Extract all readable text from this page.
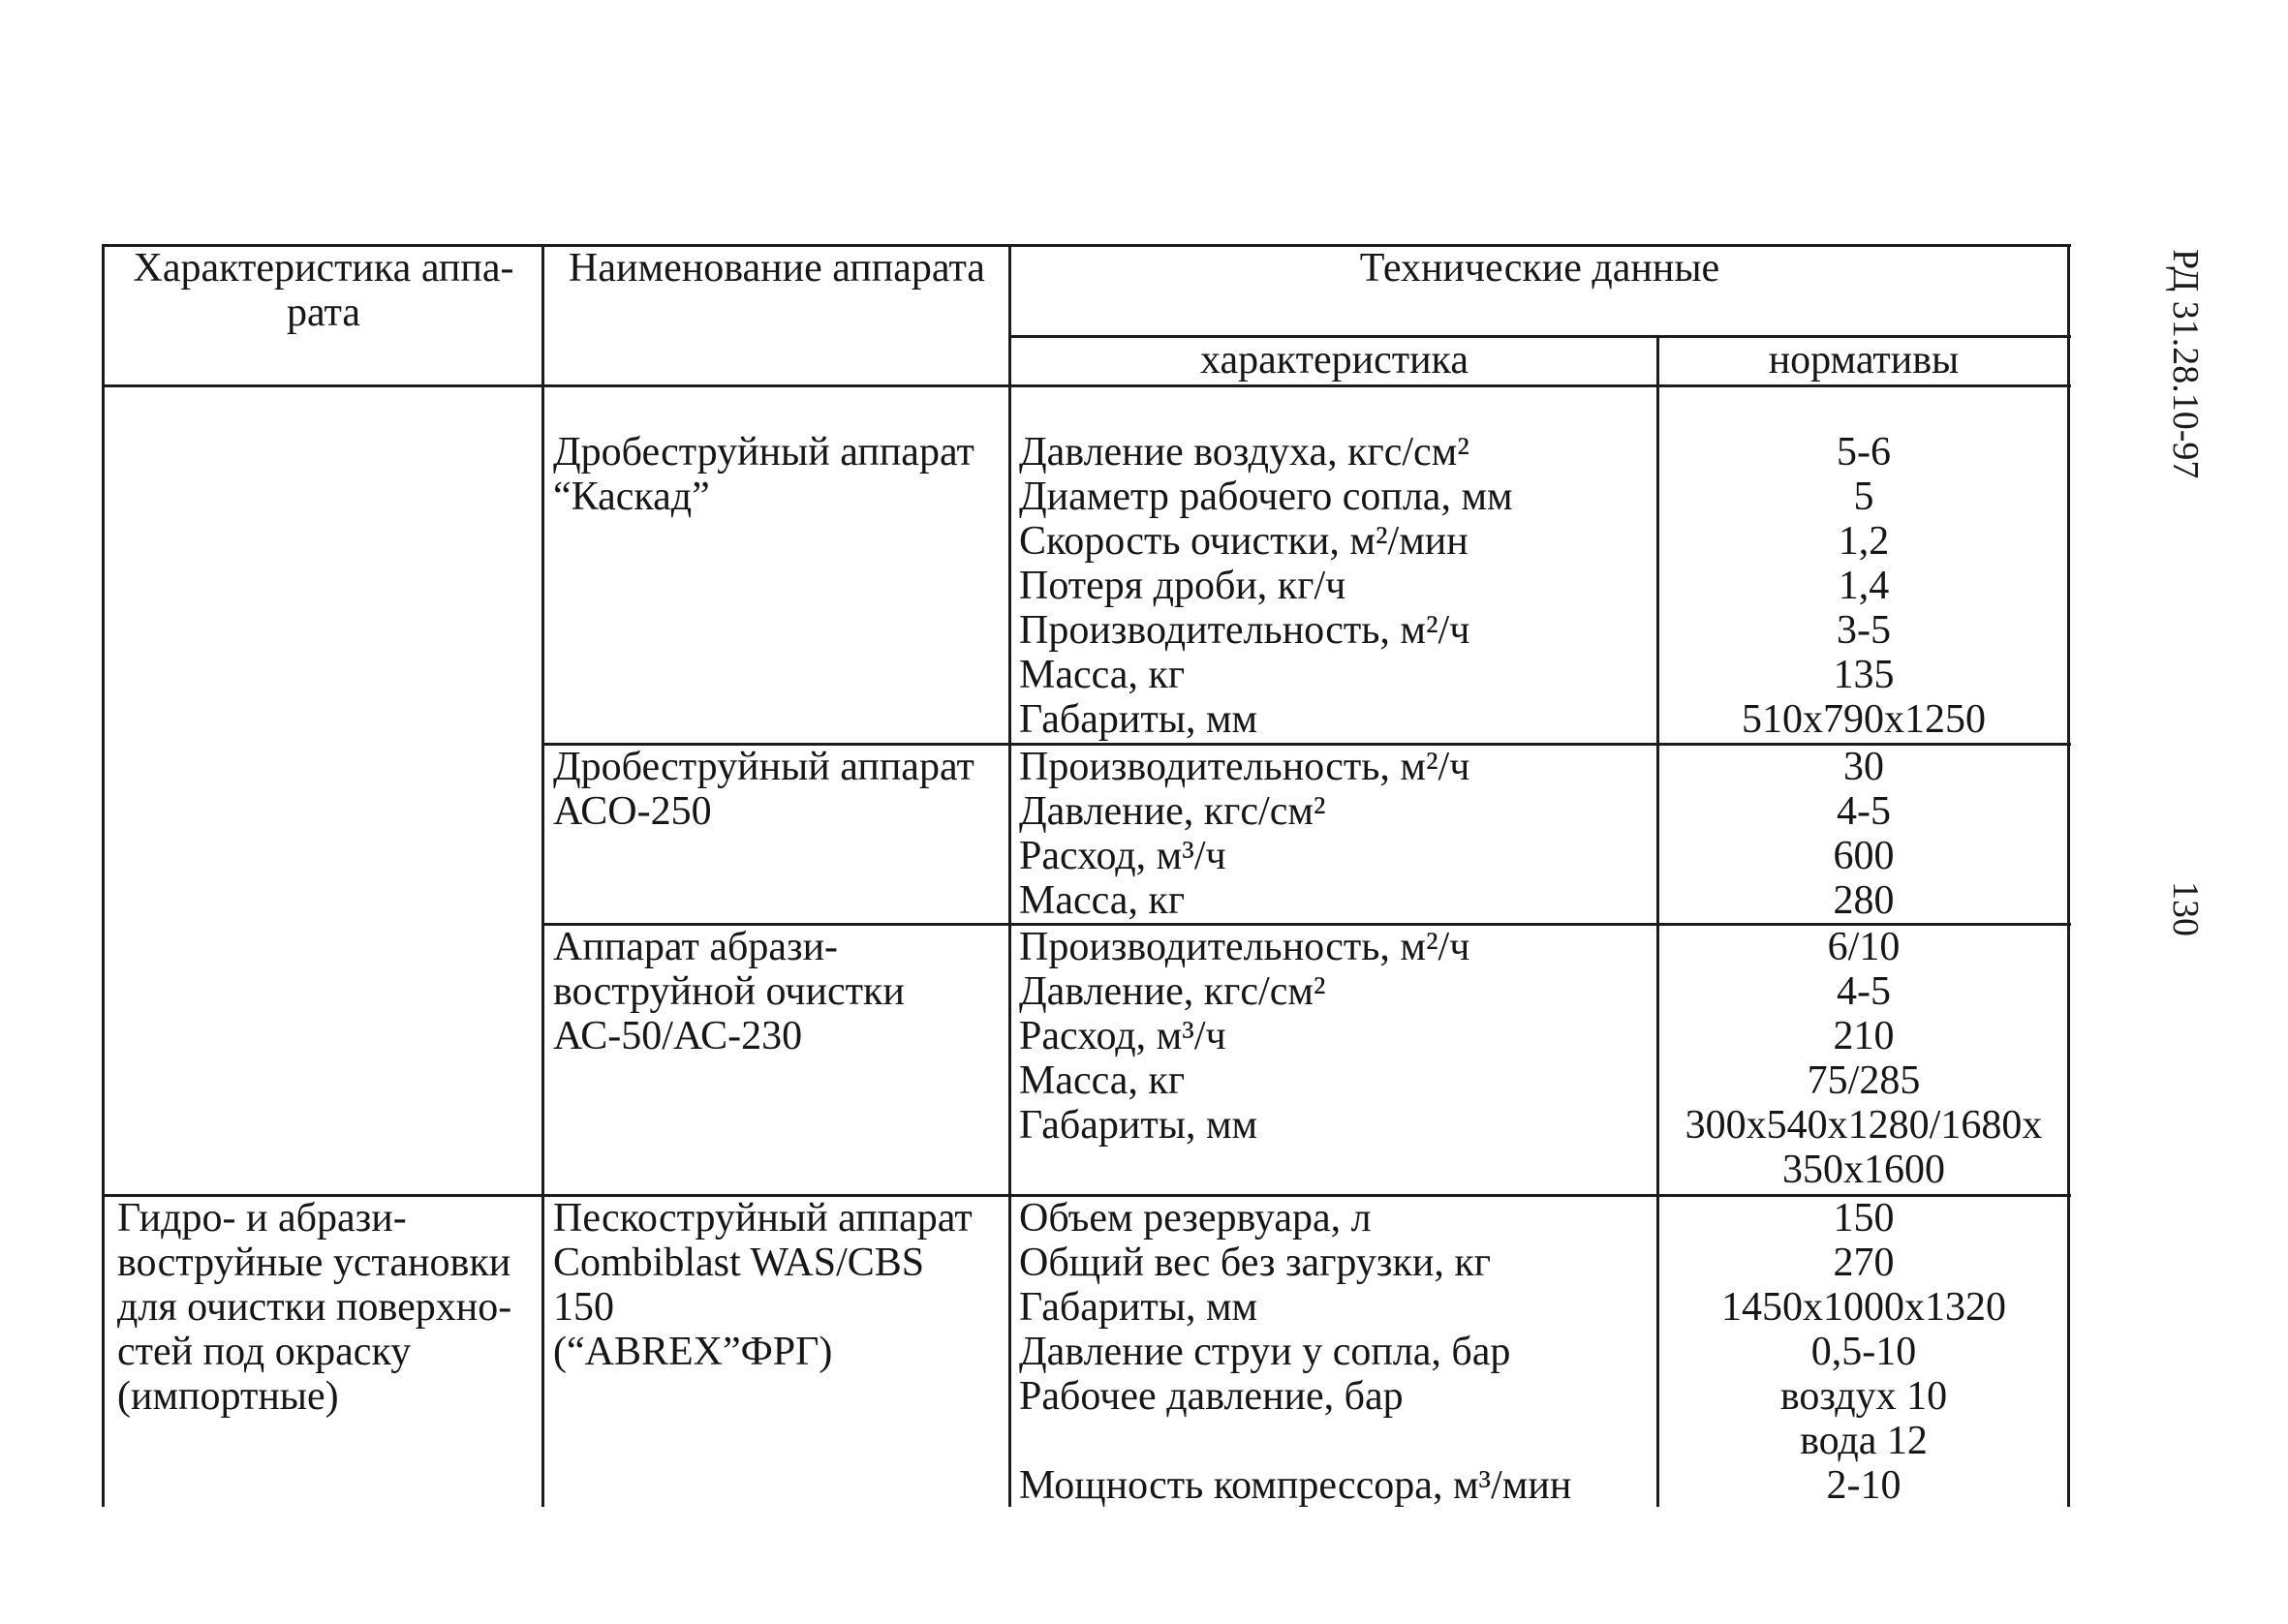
Характеристика аппа-
рата
Наименование аппарата	Технические данные
характеристика	нормативы
Дробеструйный аппарат
“Каскад”
Давление воздуха, кгс/см²
Диаметр рабочего сопла, мм
Скорость очистки, м²/мин
Потеря дроби, кг/ч
Производительность, м²/ч
Масса, кг
Габариты, мм
5-6
5
1,2
1,4
3-5
135
510x790x1250
Дробеструйный аппарат
АСО-250
Производительность, м²/ч
Давление, кгс/см²
Расход, м³/ч
Масса, кг
30
4-5
600
280
Аппарат абрази-
воструйной очистки
АС-50/АС-230
Производительность, м²/ч
Давление, кгс/см²
Расход, м³/ч
Масса, кг
Габариты, мм
6/10
4-5
210
75/285
300x540x1280/1680x
350x1600
Гидро- и абрази-
воструйные установки
для очистки поверхно-
стей под окраску
(импортные)
Пескоструйный аппарат
Combiblast WAS/CBS
150
(“ABREX”ФРГ)
Объем резервуара, л
Общий вес без загрузки, кг
Габариты, мм
Давление струи у сопла, бар
Рабочее давление, бар
Мощность компрессора, м³/мин
150
270
1450x1000x1320
0,5-10
воздух 10
вода 12
2-10
РД 31.28.10-97
130
